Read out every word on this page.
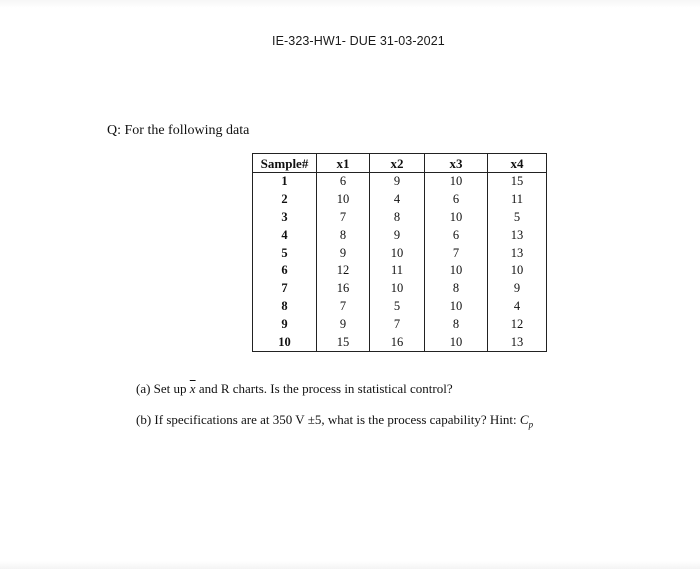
IE-323-HW1- DUE 31-03-2021
Q: For the following data
Sample#	x1	x2	x3	x4
1	6	9	10	15
2	10	4	6	11
3	7	8	10	5
4	8	9	6	13
5	9	10	7	13
6	12	11	10	10
7	16	10	8	9
8	7	5	10	4
9	9	7	8	12
10	15	16	10	13
(a) Set up $\overline{x}$ and R charts. Is the process in statistical control?
(b) If specifications are at 350 V ±5, what is the process capability? Hint: $C_p$
